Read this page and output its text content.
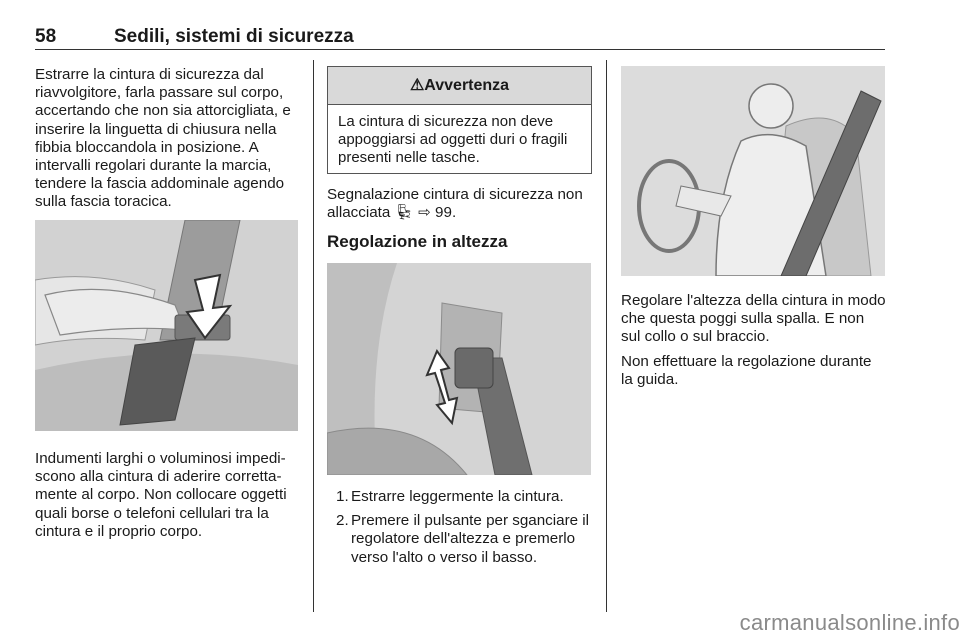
58	Sedili, sistemi di sicurezza

Estrarre la cintura di sicurezza dal riavvolgitore, farla passare sul corpo, accertando che non sia attorcigliata, e inserire la linguetta di chiusura nella fibbia bloccandola in posizione. A intervalli regolari durante la marcia, tendere la fascia addominale agendo sulla fascia toracica.

Indumenti larghi o voluminosi impediscono alla cintura di aderire correttamente al corpo. Non collocare oggetti quali borse o telefoni cellulari tra la cintura e il proprio corpo.

⚠Avvertenza
La cintura di sicurezza non deve appoggiarsi ad oggetti duri o fragili presenti nelle tasche.

Segnalazione cintura di sicurezza non allacciata 💺︎ ⇨ 99.

Regolazione in altezza
1. Estrarre leggermente la cintura.
2. Premere il pulsante per sganciare il regolatore dell'altezza e premerlo verso l'alto o verso il basso.

Regolare l'altezza della cintura in modo che questa poggi sulla spalla. E non sul collo o sul braccio.

Non effettuare la regolazione durante la guida.

carmanualsonline.info
